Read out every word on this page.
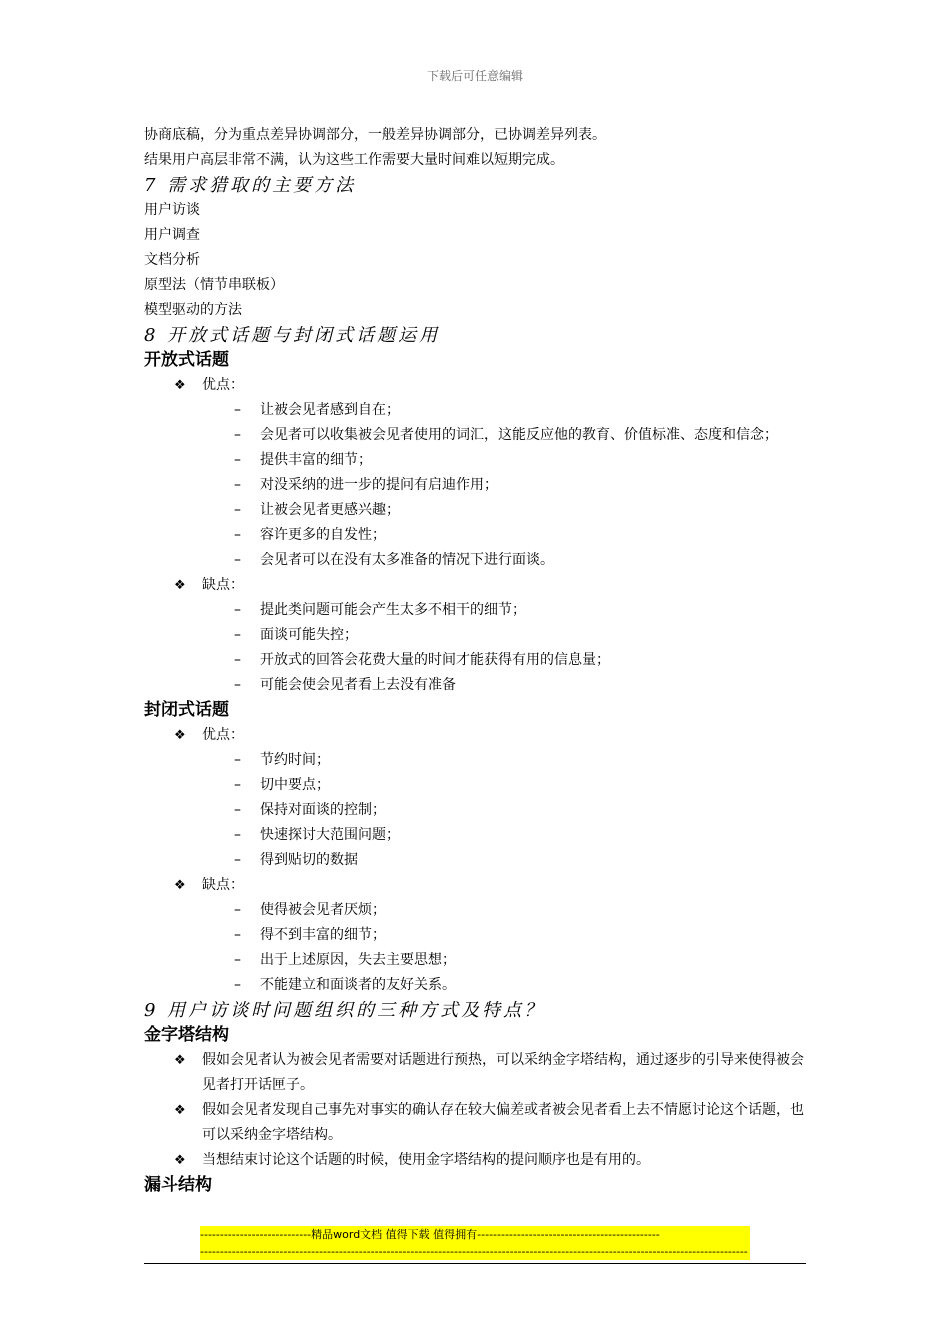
下载后可任意编辑
协商底稿，分为重点差异协调部分，一般差异协调部分，已协调差异列表。
结果用户高层非常不满，认为这些工作需要大量时间难以短期完成。
7 需求猎取的主要方法
用户访谈
用户调查
文档分析
原型法（情节串联板）
模型驱动的方法
8 开放式话题与封闭式话题运用
开放式话题
❖ 优点：
– 让被会见者感到自在；
– 会见者可以收集被会见者使用的词汇，这能反应他的教育、价值标准、态度和信念；
– 提供丰富的细节；
– 对没采纳的进一步的提问有启迪作用；
– 让被会见者更感兴趣；
– 容许更多的自发性；
– 会见者可以在没有太多准备的情况下进行面谈。
❖ 缺点：
– 提此类问题可能会产生太多不相干的细节；
– 面谈可能失控；
– 开放式的回答会花费大量的时间才能获得有用的信息量；
– 可能会使会见者看上去没有准备
封闭式话题
❖ 优点：
– 节约时间；
– 切中要点；
– 保持对面谈的控制；
– 快速探讨大范围问题；
– 得到贴切的数据
❖ 缺点：
– 使得被会见者厌烦；
– 得不到丰富的细节；
– 出于上述原因，失去主要思想；
– 不能建立和面谈者的友好关系。
9 用户访谈时问题组织的三种方式及特点？
金字塔结构
❖ 假如会见者认为被会见者需要对话题进行预热，可以采纳金字塔结构，通过逐步的引导来使得被会见者打开话匣子。
❖ 假如会见者发现自己事先对事实的确认存在较大偏差或者被会见者看上去不情愿讨论这个话题，也可以采纳金字塔结构。
❖ 当想结束讨论这个话题的时候，使用金字塔结构的提问顺序也是有用的。
漏斗结构
----------------------------精品word文档 值得下载 值得拥有----------------------------------------------
------------------------------------------------------------------------------------------------------------------------------------------
